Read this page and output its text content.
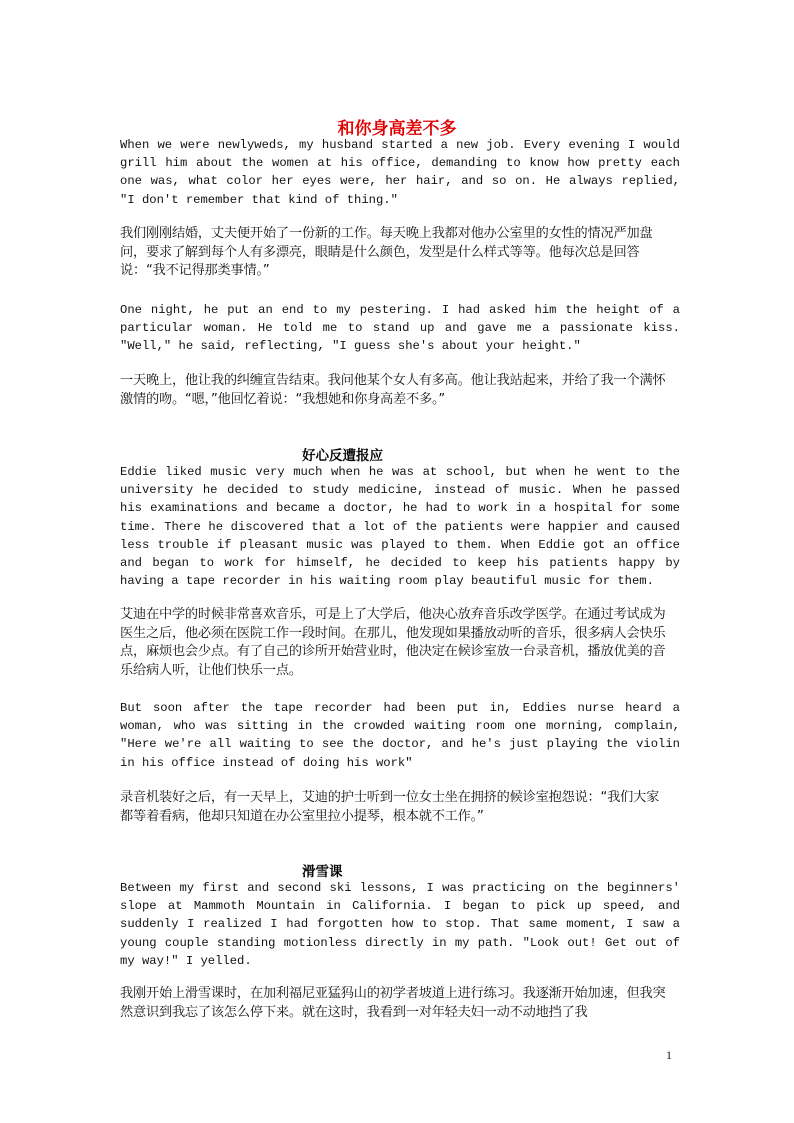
和你身高差不多

When we were newlyweds, my husband started a new job. Every evening I would grill him about the women at his office, demanding to know how pretty each one was, what color her eyes were, her hair, and so on. He always replied, "I don't remember that kind of thing."

我们刚刚结婚，丈夫便开始了一份新的工作。每天晚上我都对他办公室里的女性的情况严加盘问，要求了解到每个人有多漂亮，眼睛是什么颜色，发型是什么样式等等。他每次总是回答说：“我不记得那类事情。”

One night, he put an end to my pestering. I had asked him the height of a particular woman. He told me to stand up and gave me a passionate kiss. "Well," he said, reflecting, "I guess she's about your height."

一天晚上，他让我的纠缠宣告结束。我问他某个女人有多高。他让我站起来，并给了我一个满怀激情的吻。“嗯，”他回忆着说：“我想她和你身高差不多。”

好心反遭报应

Eddie liked music very much when he was at school, but when he went to the university he decided to study medicine, instead of music. When he passed his examinations and became a doctor, he had to work in a hospital for some time. There he discovered that a lot of the patients were happier and caused less trouble if pleasant music was played to them. When Eddie got an office and began to work for himself, he decided to keep his patients happy by having a tape recorder in his waiting room play beautiful music for them.

艾迪在中学的时候非常喜欢音乐，可是上了大学后，他决心放弃音乐改学医学。在通过考试成为医生之后，他必须在医院工作一段时间。在那儿，他发现如果播放动听的音乐，很多病人会快乐点，麻烦也会少点。有了自己的诊所开始营业时，他决定在候诊室放一台录音机，播放优美的音乐给病人听，让他们快乐一点。

But soon after the tape recorder had been put in, Eddies nurse heard a woman, who was sitting in the crowded waiting room one morning, complain, "Here we're all waiting to see the doctor, and he's just playing the violin in his office instead of doing his work"

录音机装好之后，有一天早上，艾迪的护士听到一位女士坐在拥挤的候诊室抱怨说：“我们大家都等着看病，他却只知道在办公室里拉小提琴，根本就不工作。”

滑雪课

Between my first and second ski lessons, I was practicing on the beginners' slope at Mammoth Mountain in California. I began to pick up speed, and suddenly I realized I had forgotten how to stop. That same moment, I saw a young couple standing motionless directly in my path. "Look out! Get out of my way!" I yelled.

我刚开始上滑雪课时，在加利福尼亚猛犸山的初学者坡道上进行练习。我逐渐开始加速，但我突然意识到我忘了该怎么停下来。就在这时，我看到一对年轻夫妇一动不动地挡了我

1
